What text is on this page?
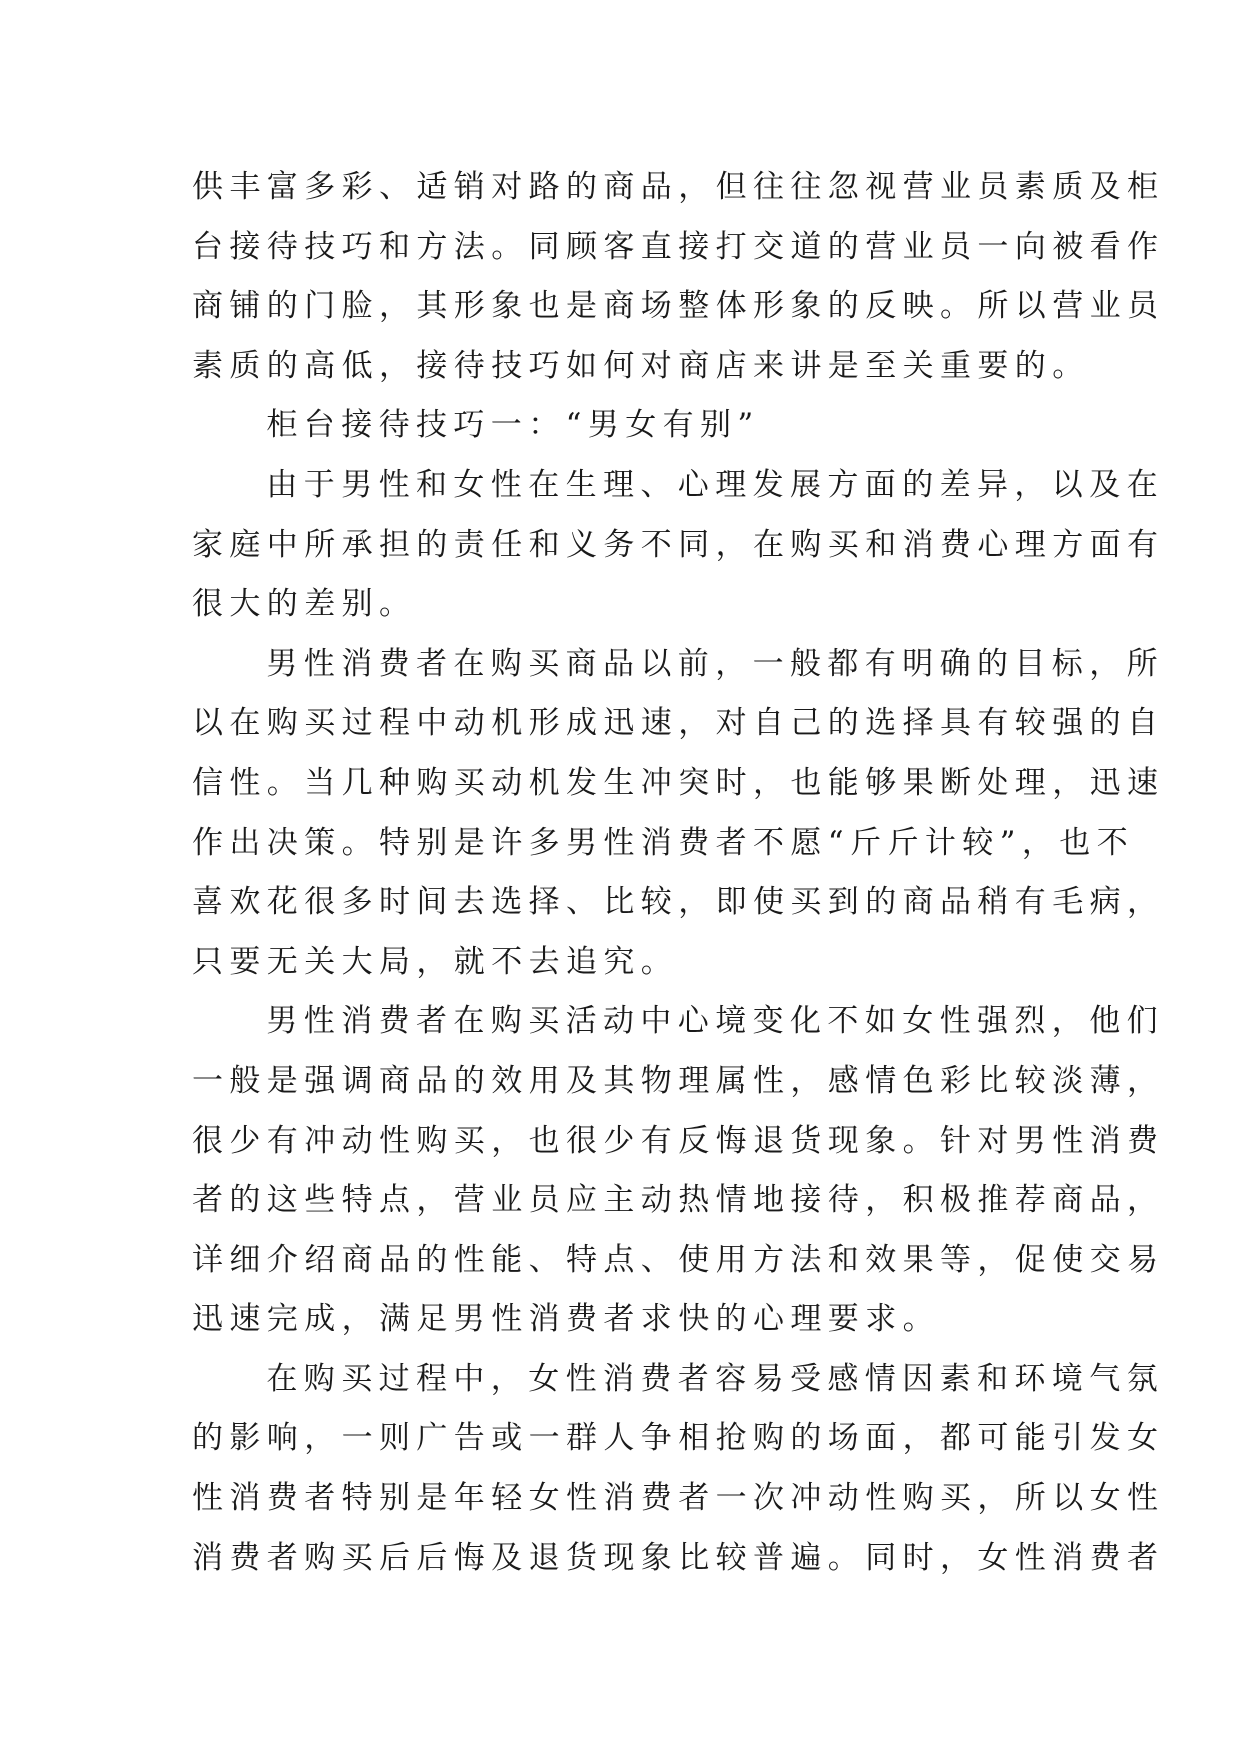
供丰富多彩、适销对路的商品，但往往忽视营业员素质及柜
台接待技巧和方法。同顾客直接打交道的营业员一向被看作
商铺的门脸，其形象也是商场整体形象的反映。所以营业员
素质的高低，接待技巧如何对商店来讲是至关重要的。
柜台接待技巧一：“男女有别”
由于男性和女性在生理、心理发展方面的差异，以及在
家庭中所承担的责任和义务不同，在购买和消费心理方面有
很大的差别。
男性消费者在购买商品以前，一般都有明确的目标，所
以在购买过程中动机形成迅速，对自己的选择具有较强的自
信性。当几种购买动机发生冲突时，也能够果断处理，迅速
作出决策。特别是许多男性消费者不愿“斤斤计较”，也不
喜欢花很多时间去选择、比较，即使买到的商品稍有毛病，
只要无关大局，就不去追究。
男性消费者在购买活动中心境变化不如女性强烈，他们
一般是强调商品的效用及其物理属性，感情色彩比较淡薄，
很少有冲动性购买，也很少有反悔退货现象。针对男性消费
者的这些特点，营业员应主动热情地接待，积极推荐商品，
详细介绍商品的性能、特点、使用方法和效果等，促使交易
迅速完成，满足男性消费者求快的心理要求。
在购买过程中，女性消费者容易受感情因素和环境气氛
的影响，一则广告或一群人争相抢购的场面，都可能引发女
性消费者特别是年轻女性消费者一次冲动性购买，所以女性
消费者购买后后悔及退货现象比较普遍。同时，女性消费者
